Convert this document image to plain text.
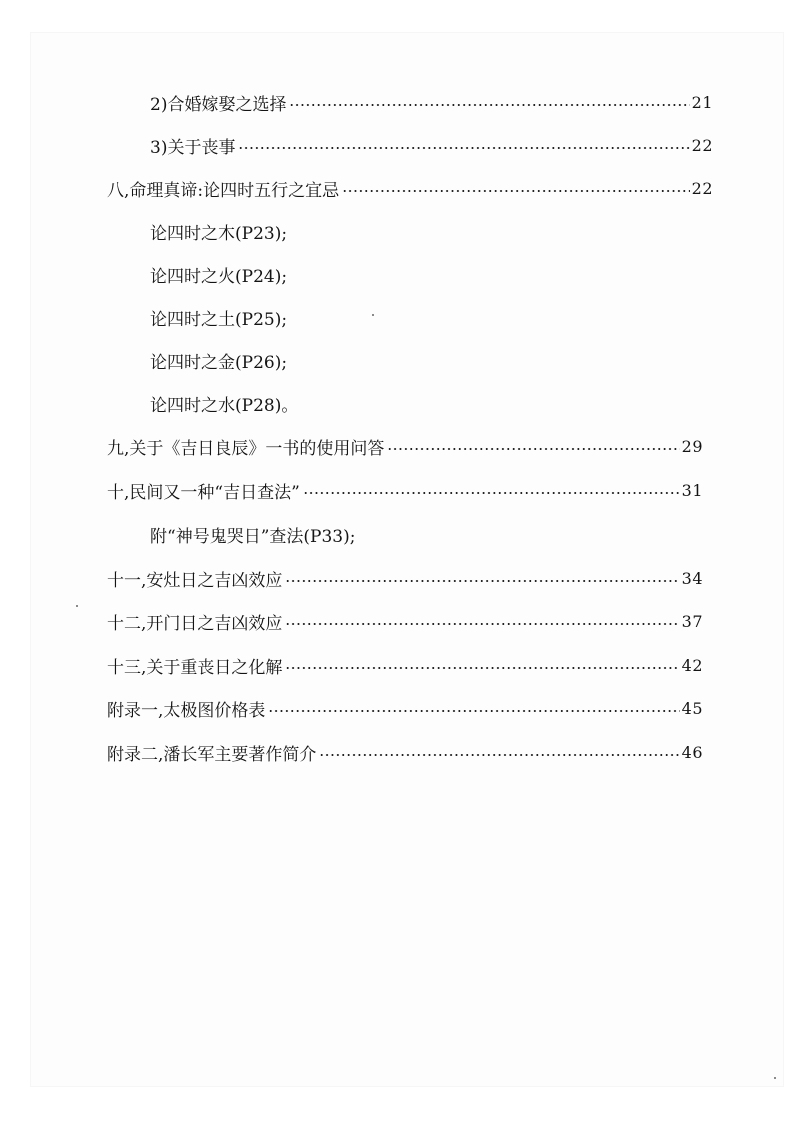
2)合婚嫁娶之选择	21
3)关于丧事	22
八,命理真谛:论四时五行之宜忌	22
论四时之木(P23);
论四时之火(P24);
论四时之土(P25);
论四时之金(P26);
论四时之水(P28)。
九,关于《吉日良辰》一书的使用问答	29
十,民间又一种“吉日查法”	31
附“神号鬼哭日”查法(P33);
十一,安灶日之吉凶效应	34
十二,开门日之吉凶效应	37
十三,关于重丧日之化解	42
附录一,太极图价格表	45
附录二,潘长军主要著作简介	46
